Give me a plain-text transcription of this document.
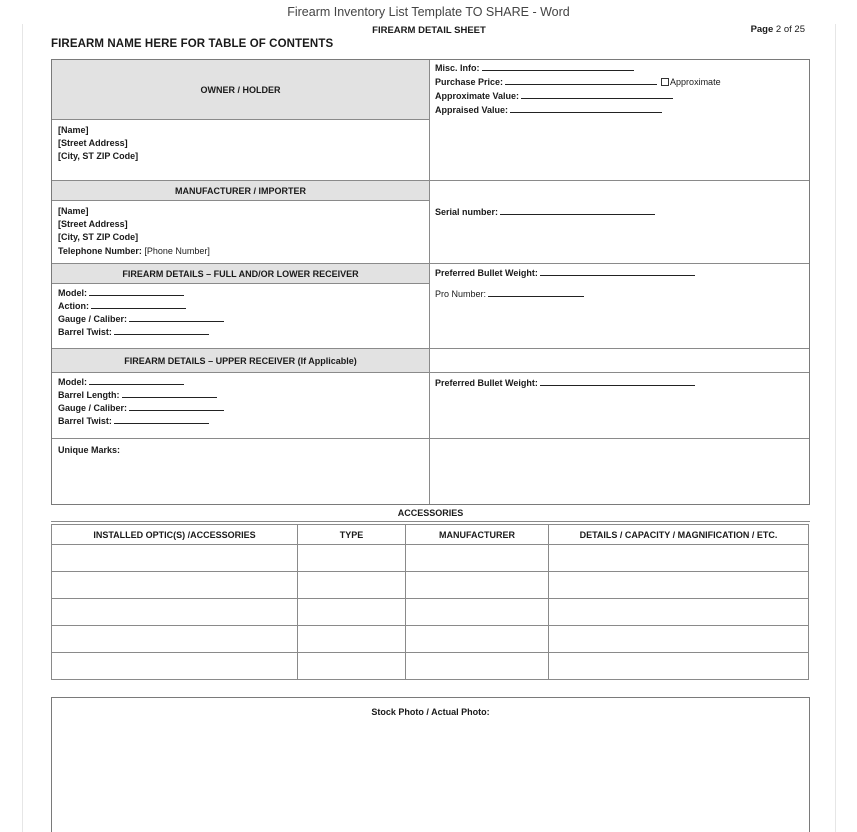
Firearm Inventory List Template TO SHARE - Word
FIREARM DETAIL SHEET	Page 2 of 25
FIREARM NAME HERE FOR TABLE OF CONTENTS
OWNER / HOLDER
[Name]
[Street Address]
[City, ST ZIP Code]
Misc. Info:
Purchase Price:	Approximate
Approximate Value:
Appraised Value:
MANUFACTURER / IMPORTER
[Name]
[Street Address]
[City, ST ZIP Code]
Telephone Number: [Phone Number]
Serial number:
FIREARM DETAILS – FULL AND/OR LOWER RECEIVER
Model:
Action:
Gauge / Caliber:
Barrel Twist:
Preferred Bullet Weight:
Pro Number:
FIREARM DETAILS – UPPER RECEIVER (If Applicable)
Model:
Barrel Length:
Gauge / Caliber:
Barrel Twist:
Preferred Bullet Weight:
Unique Marks:
ACCESSORIES
INSTALLED OPTIC(S) /ACCESSORIES	TYPE	MANUFACTURER	DETAILS / CAPACITY / MAGNIFICATION / ETC.

Stock Photo / Actual Photo:
